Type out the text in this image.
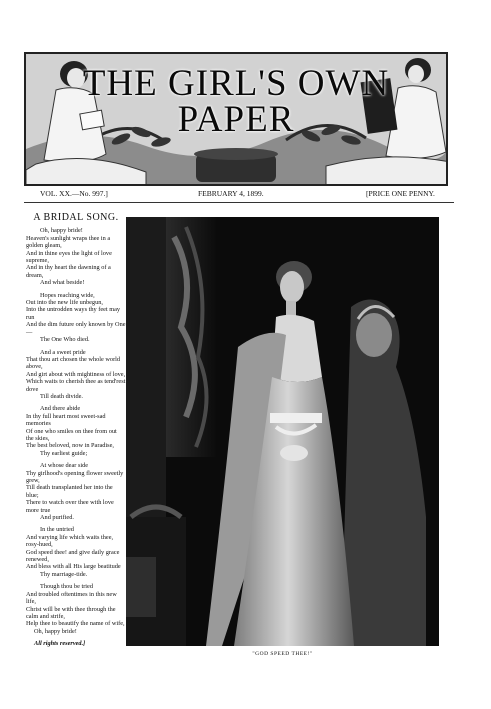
THE GIRL'S OWN
PAPER
VOL. XX.—No. 997.]	FEBRUARY 4, 1899.	[PRICE ONE PENNY.
A BRIDAL SONG.
Oh, happy bride!
Heaven's sunlight wraps thee in a golden gleam,
And in thine eyes the light of love supreme,
And in thy heart the dawning of a dream,
And what beside!
Hopes reaching wide,
Out into the new life unbegun,
Into the untrodden ways thy feet may run
And the dim future only known by One—
The One Who died.
And a sweet pride
That thou art chosen the whole world above,
And girt about with mightiness of love,
Which waits to cherish thee as tend'rest dove
Till death divide.
And there abide
In thy full heart most sweet-sad memories
Of one who smiles on thee from out the skies,
The best beloved, now in Paradise,
Thy earliest guide;
At whose dear side
Thy girlhood's opening flower sweetly grew,
Till death transplanted her into the blue;
There to watch over thee with love more true
And purified.
In the untried
And varying life which waits thee, rosy-hued,
God speed thee! and give daily grace renewed,
And bless with all His large beatitude
Thy marriage-tide.
Though thou be tried
And troubled oftentimes in this new life,
Christ will be with thee through the calm and strife,
Help thee to beautify the name of wife,
Oh, happy bride!
All rights reserved.]
"GOD SPEED THEE!"
